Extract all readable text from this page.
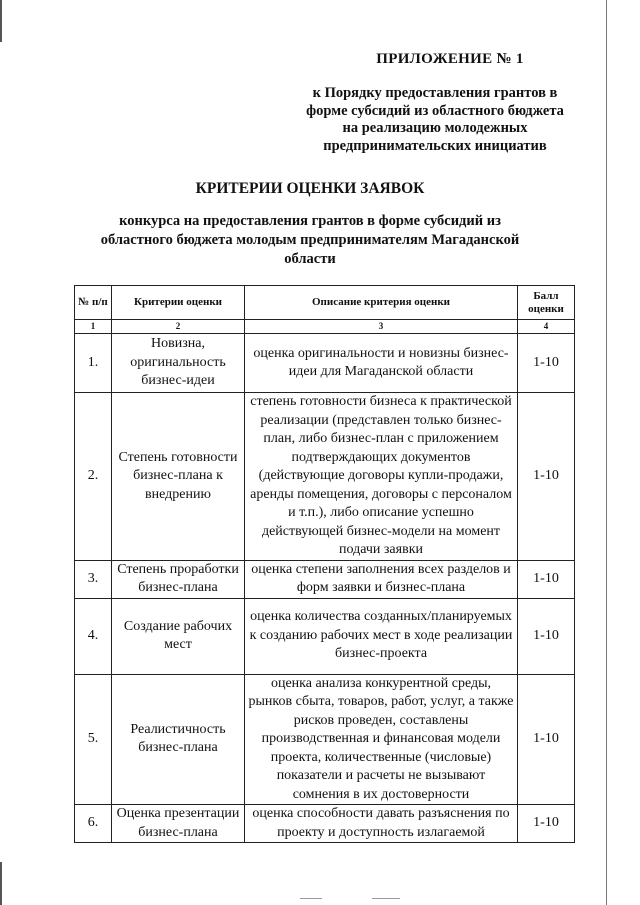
ПРИЛОЖЕНИЕ № 1
к Порядку предоставления грантов в форме субсидий из областного бюджета на реализацию молодежных предпринимательских инициатив
КРИТЕРИИ ОЦЕНКИ ЗАЯВОК
конкурса на предоставления грантов в форме субсидий из областного бюджета молодым предпринимателям Магаданской области
№ п/п	Критерии оценки	Описание критерия оценки	Балл оценки
1	2	3	4
1.	Новизна, оригинальность бизнес-идеи	оценка оригинальности и новизны бизнес-идеи для Магаданской области	1-10
2.	Степень готовности бизнес-плана к внедрению	степень готовности бизнеса к практической реализации (представлен только бизнес-план, либо бизнес-план с приложением подтверждающих документов (действующие договоры купли-продажи, аренды помещения, договоры с персоналом и т.п.), либо описание успешно действующей бизнес-модели на момент подачи заявки	1-10
3.	Степень проработки бизнес-плана	оценка степени заполнения всех разделов и форм заявки и бизнес-плана	1-10
4.	Создание рабочих мест	оценка количества созданных/планируемых к созданию рабочих мест в ходе реализации бизнес-проекта	1-10
5.	Реалистичность бизнес-плана	оценка анализа конкурентной среды, рынков сбыта, товаров, работ, услуг, а также рисков проведен, составлены производственная и финансовая модели проекта, количественные (числовые) показатели и расчеты не вызывают сомнения в их достоверности	1-10
6.	Оценка презентации бизнес-плана	оценка способности давать разъяснения по проекту и доступность излагаемой	1-10
